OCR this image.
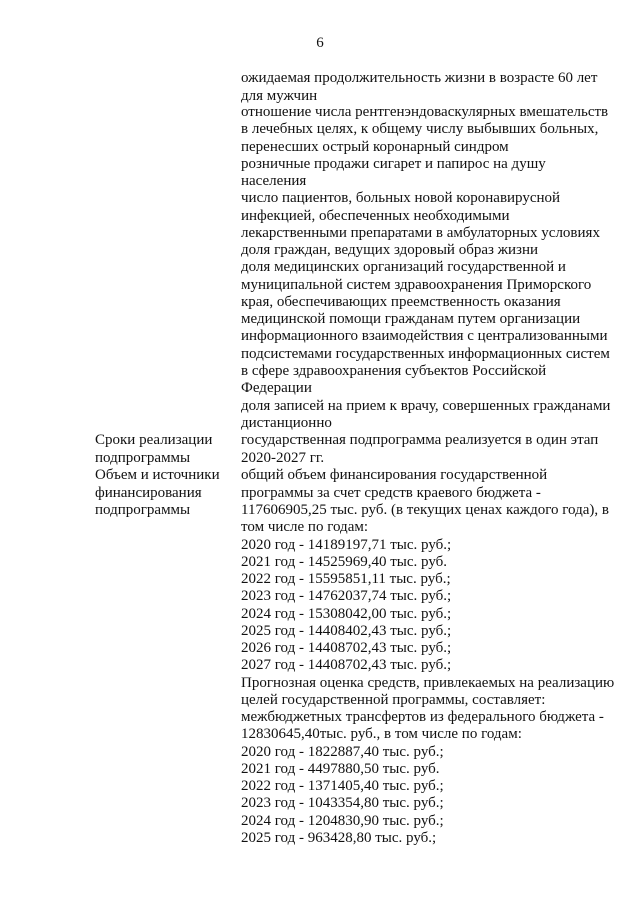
6
ожидаемая продолжительность жизни в возрасте 60 лет
для мужчин
отношение числа рентгенэндоваскулярных вмешательств
в лечебных целях, к общему числу выбывших больных,
перенесших острый коронарный синдром
розничные продажи сигарет и папирос на душу
населения
число пациентов, больных новой коронавирусной
инфекцией, обеспеченных необходимыми
лекарственными препаратами в амбулаторных условиях
доля граждан, ведущих здоровый образ жизни
доля медицинских организаций государственной и
муниципальной систем здравоохранения Приморского
края, обеспечивающих преемственность оказания
медицинской помощи гражданам путем организации
информационного взаимодействия с централизованными
подсистемами государственных информационных систем
в сфере здравоохранения субъектов Российской
Федерации
доля записей на прием к врачу, совершенных гражданами
дистанционно
Сроки реализации
подпрограммы
государственная подпрограмма реализуется в один этап
2020-2027 гг.
Объем и источники
финансирования
подпрограммы
общий объем финансирования государственной
программы за счет средств краевого бюджета -
117606905,25 тыс. руб. (в текущих ценах каждого года), в
том числе по годам:
2020 год - 14189197,71 тыс. руб.;
2021 год - 14525969,40 тыс. руб.
2022 год - 15595851,11 тыс. руб.;
2023 год - 14762037,74 тыс. руб.;
2024 год - 15308042,00 тыс. руб.;
2025 год - 14408402,43 тыс. руб.;
2026 год - 14408702,43 тыс. руб.;
2027 год - 14408702,43 тыс. руб.;
Прогнозная оценка средств, привлекаемых на реализацию
целей государственной программы, составляет:
межбюджетных трансфертов из федерального бюджета -
12830645,40тыс. руб., в том числе по годам:
2020 год - 1822887,40 тыс. руб.;
2021 год - 4497880,50 тыс. руб.
2022 год - 1371405,40 тыс. руб.;
2023 год - 1043354,80 тыс. руб.;
2024 год - 1204830,90 тыс. руб.;
2025 год - 963428,80 тыс. руб.;
